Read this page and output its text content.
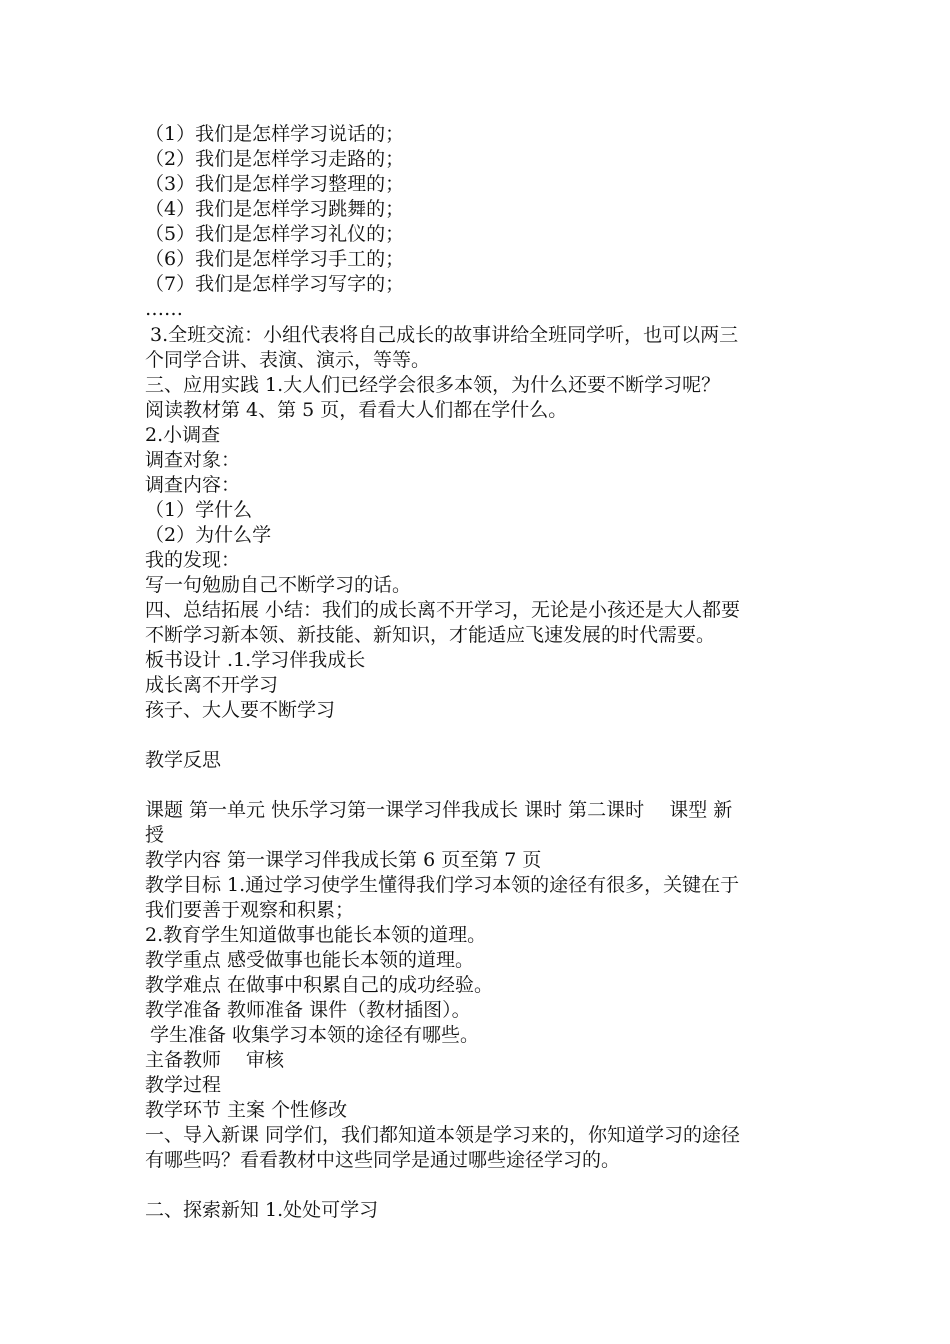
（1）我们是怎样学习说话的；
（2）我们是怎样学习走路的；
（3）我们是怎样学习整理的；
（4）我们是怎样学习跳舞的；
（5）我们是怎样学习礼仪的；
（6）我们是怎样学习手工的；
（7）我们是怎样学习写字的；
……
3.全班交流：小组代表将自己成长的故事讲给全班同学听，也可以两三
个同学合讲、表演、演示，等等。
三、应用实践 1.大人们已经学会很多本领，为什么还要不断学习呢？
阅读教材第 4、第 5 页，看看大人们都在学什么。
2.小调查
调查对象：
调查内容：
（1）学什么
（2）为什么学
我的发现：
写一句勉励自己不断学习的话。
四、总结拓展 小结：我们的成长离不开学习，无论是小孩还是大人都要
不断学习新本领、新技能、新知识，才能适应飞速发展的时代需要。
板书设计 .1.学习伴我成长
成长离不开学习
孩子、大人要不断学习
教学反思
课题 第一单元 快乐学习第一课学习伴我成长 课时 第二课时　 课型 新
授
教学内容 第一课学习伴我成长第 6 页至第 7 页
教学目标 1.通过学习使学生懂得我们学习本领的途径有很多，关键在于
我们要善于观察和积累；
2.教育学生知道做事也能长本领的道理。
教学重点 感受做事也能长本领的道理。
教学难点 在做事中积累自己的成功经验。
教学准备 教师准备 课件（教材插图）。
学生准备 收集学习本领的途径有哪些。
主备教师　 审核
教学过程
教学环节 主案 个性修改
一、导入新课 同学们，我们都知道本领是学习来的，你知道学习的途径
有哪些吗？看看教材中这些同学是通过哪些途径学习的。
二、探索新知 1.处处可学习
